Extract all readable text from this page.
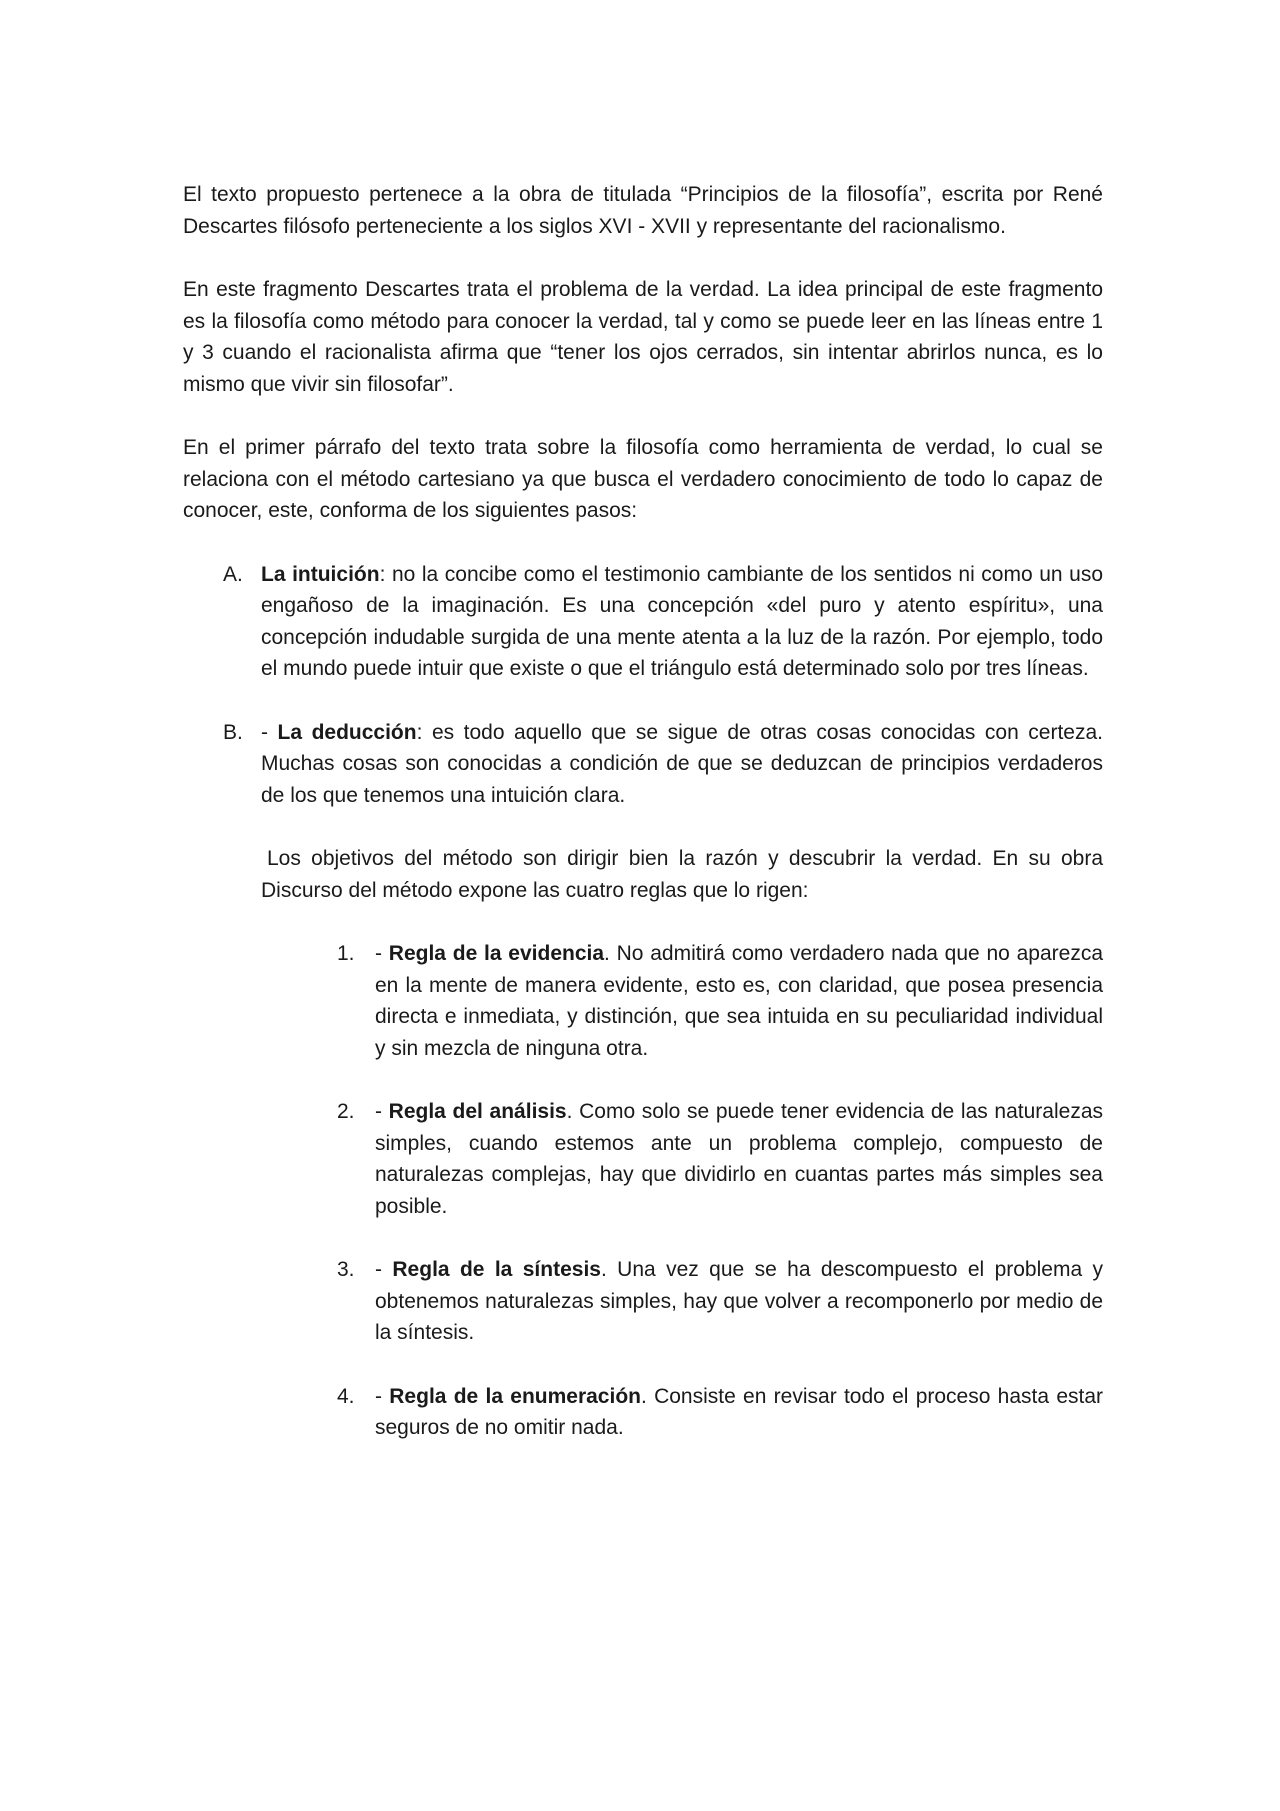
El texto propuesto pertenece a la obra de titulada “Principios de la filosofía”, escrita por René Descartes filósofo perteneciente a los siglos XVI - XVII y representante del racionalismo.

En este fragmento Descartes trata el problema de la verdad. La idea principal de este fragmento es la filosofía como método para conocer la verdad, tal y como se puede leer en las líneas entre 1 y 3 cuando el racionalista afirma que “tener los ojos cerrados, sin intentar abrirlos nunca, es lo mismo que vivir sin filosofar”.

En el primer párrafo del texto trata sobre la filosofía como herramienta de verdad, lo cual se relaciona con el método cartesiano ya que busca el verdadero conocimiento de todo lo capaz de conocer, este, conforma de los siguientes pasos:

A. La intuición: no la concibe como el testimonio cambiante de los sentidos ni como un uso engañoso de la imaginación. Es una concepción «del puro y atento espíritu», una concepción indudable surgida de una mente atenta a la luz de la razón. Por ejemplo, todo el mundo puede intuir que existe o que el triángulo está determinado solo por tres líneas.
B. - La deducción: es todo aquello que se sigue de otras cosas conocidas con certeza. Muchas cosas son conocidas a condición de que se deduzcan de principios verdaderos de los que tenemos una intuición clara.

Los objetivos del método son dirigir bien la razón y descubrir la verdad. En su obra Discurso del método expone las cuatro reglas que lo rigen:

1. - Regla de la evidencia. No admitirá como verdadero nada que no aparezca en la mente de manera evidente, esto es, con claridad, que posea presencia directa e inmediata, y distinción, que sea intuida en su peculiaridad individual y sin mezcla de ninguna otra.
2. - Regla del análisis. Como solo se puede tener evidencia de las naturalezas simples, cuando estemos ante un problema complejo, compuesto de naturalezas complejas, hay que dividirlo en cuantas partes más simples sea posible.
3. - Regla de la síntesis. Una vez que se ha descompuesto el problema y obtenemos naturalezas simples, hay que volver a recomponerlo por medio de la síntesis.
4. - Regla de la enumeración. Consiste en revisar todo el proceso hasta estar seguros de no omitir nada.
